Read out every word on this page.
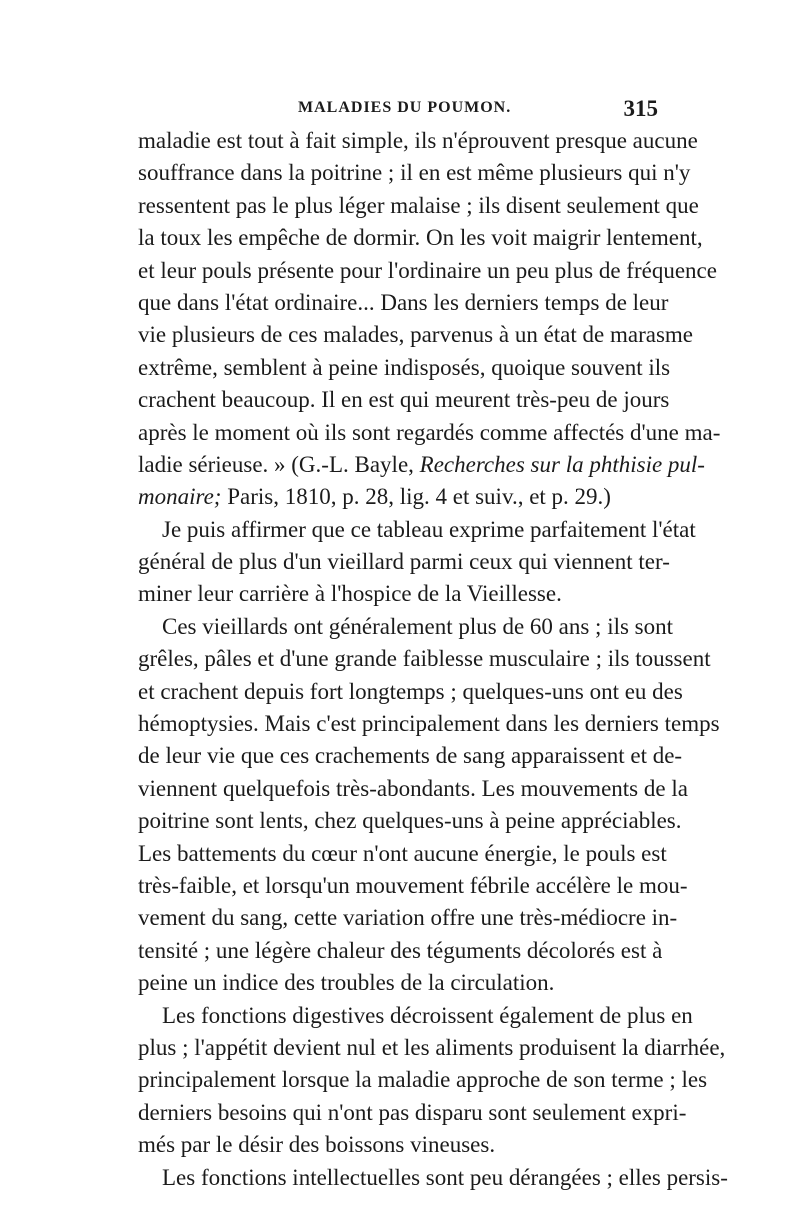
MALADIES DU POUMON.	315
maladie est tout à fait simple, ils n'éprouvent presque aucune
souffrance dans la poitrine ; il en est même plusieurs qui n'y
ressentent pas le plus léger malaise ; ils disent seulement que
la toux les empêche de dormir. On les voit maigrir lentement,
et leur pouls présente pour l'ordinaire un peu plus de fréquence
que dans l'état ordinaire... Dans les derniers temps de leur
vie plusieurs de ces malades, parvenus à un état de marasme
extrême, semblent à peine indisposés, quoique souvent ils
crachent beaucoup. Il en est qui meurent très-peu de jours
après le moment où ils sont regardés comme affectés d'une ma-
ladie sérieuse. » (G.-L. Bayle, Recherches sur la phthisie pul-
monaire; Paris, 1810, p. 28, lig. 4 et suiv., et p. 29.)
Je puis affirmer que ce tableau exprime parfaitement l'état
général de plus d'un vieillard parmi ceux qui viennent ter-
miner leur carrière à l'hospice de la Vieillesse.
Ces vieillards ont généralement plus de 60 ans ; ils sont
grêles, pâles et d'une grande faiblesse musculaire ; ils toussent
et crachent depuis fort longtemps ; quelques-uns ont eu des
hémoptysies. Mais c'est principalement dans les derniers temps
de leur vie que ces crachements de sang apparaissent et de-
viennent quelquefois très-abondants. Les mouvements de la
poitrine sont lents, chez quelques-uns à peine appréciables.
Les battements du cœur n'ont aucune énergie, le pouls est
très-faible, et lorsqu'un mouvement fébrile accélère le mou-
vement du sang, cette variation offre une très-médiocre in-
tensité ; une légère chaleur des téguments décolorés est à
peine un indice des troubles de la circulation.
Les fonctions digestives décroissent également de plus en
plus ; l'appétit devient nul et les aliments produisent la diarrhée,
principalement lorsque la maladie approche de son terme ; les
derniers besoins qui n'ont pas disparu sont seulement expri-
més par le désir des boissons vineuses.
Les fonctions intellectuelles sont peu dérangées ; elles persis-
